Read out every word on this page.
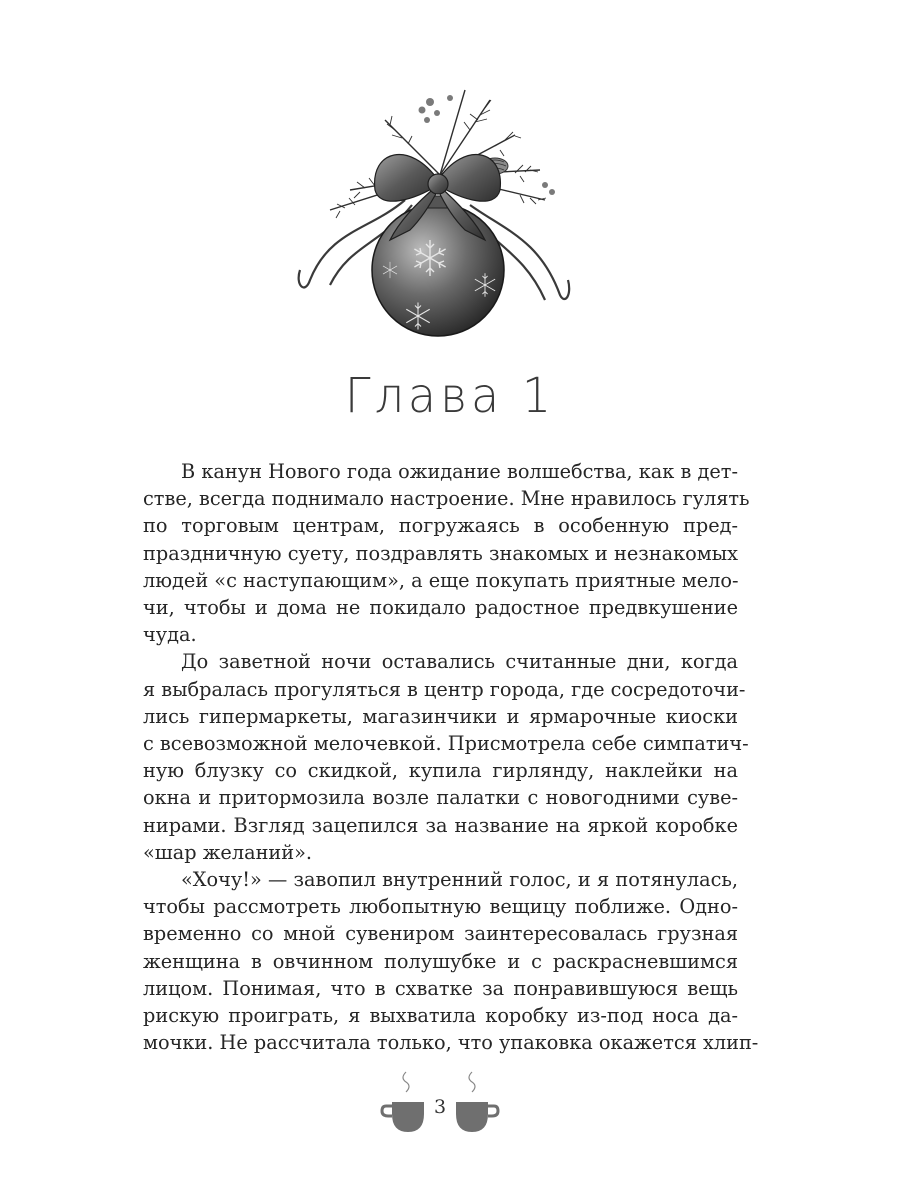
Глава 1

В канун Нового года ожидание волшебства, как в дет-
стве, всегда поднимало настроение. Мне нравилось гулять
по торговым центрам, погружаясь в особенную пред-
праздничную суету, поздравлять знакомых и незнакомых
людей «с наступающим», а еще покупать приятные мело-
чи, чтобы и дома не покидало радостное предвкушение
чуда.

До заветной ночи оставались считанные дни, когда
я выбралась прогуляться в центр города, где сосредоточи-
лись гипермаркеты, магазинчики и ярмарочные киоски
с всевозможной мелочевкой. Присмотрела себе симпатич-
ную блузку со скидкой, купила гирлянду, наклейки на
окна и притормозила возле палатки с новогодними суве-
нирами. Взгляд зацепился за название на яркой коробке
«шар желаний».

«Хочу!» — завопил внутренний голос, и я потянулась,
чтобы рассмотреть любопытную вещицу поближе. Одно-
временно со мной сувениром заинтересовалась грузная
женщина в овчинном полушубке и с раскрасневшимся
лицом. Понимая, что в схватке за понравившуюся вещь
рискую проиграть, я выхватила коробку из-под носа да-
мочки. Не рассчитала только, что упаковка окажется хлип-

3
